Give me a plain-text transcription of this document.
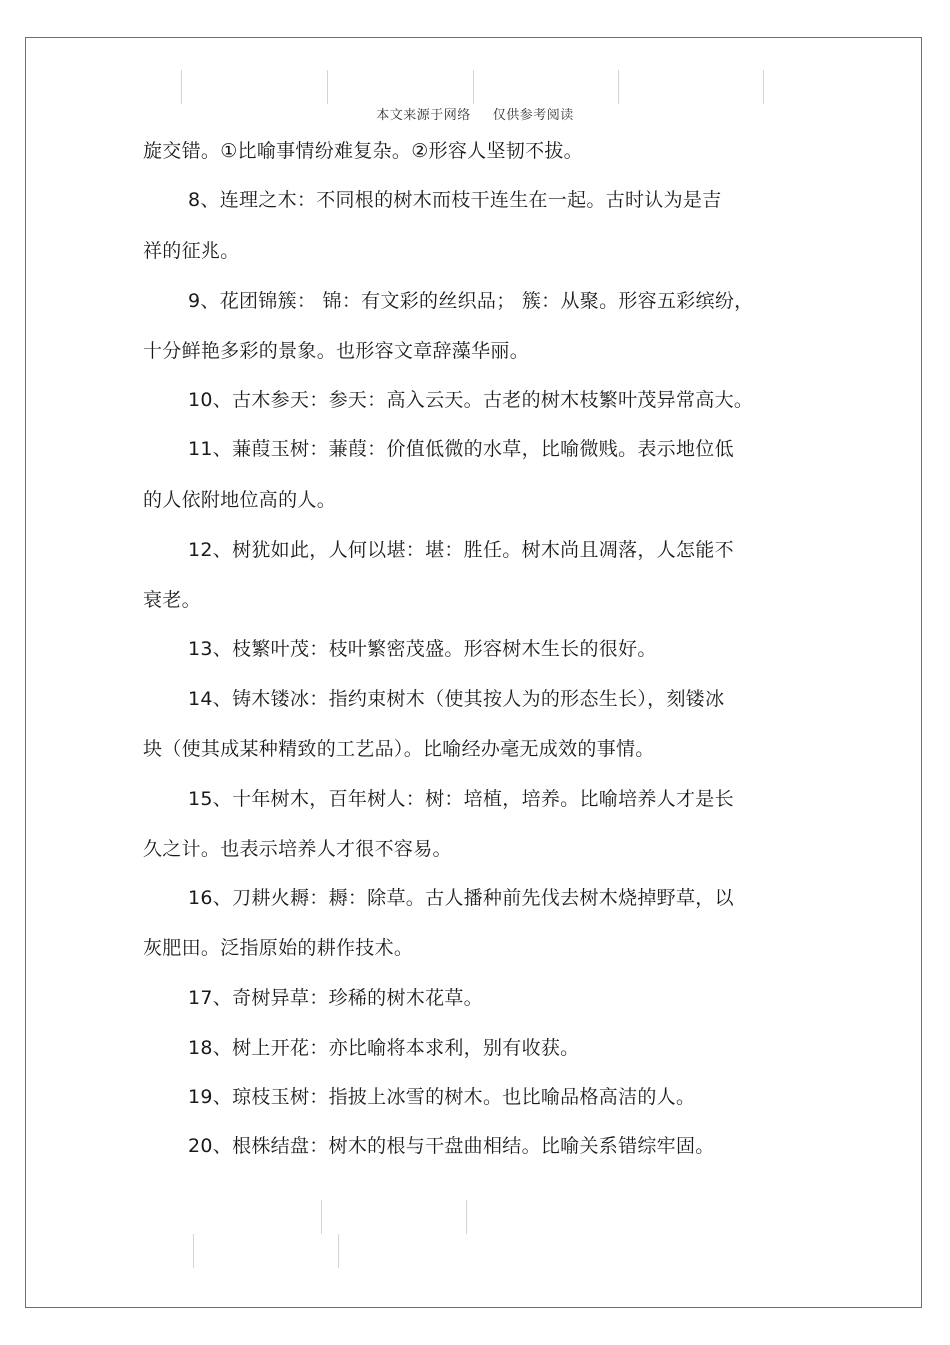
本文来源于网络 仅供参考阅读
旋交错。①比喻事情纷难复杂。②形容人坚韧不拔。
8、连理之木：不同根的树木而枝干连生在一起。古时认为是吉
祥的征兆。
9、花团锦簇： 锦：有文彩的丝织品； 簇：从聚。形容五彩缤纷，
十分鲜艳多彩的景象。也形容文章辞藻华丽。
10、古木参天：参天：高入云天。古老的树木枝繁叶茂异常高大。
11、蒹葭玉树：蒹葭：价值低微的水草，比喻微贱。表示地位低
的人依附地位高的人。
12、树犹如此，人何以堪：堪：胜任。树木尚且凋落，人怎能不
衰老。
13、枝繁叶茂：枝叶繁密茂盛。形容树木生长的很好。
14、铸木镂冰：指约束树木（使其按人为的形态生长），刻镂冰
块（使其成某种精致的工艺品）。比喻经办毫无成效的事情。
15、十年树木，百年树人：树：培植，培养。比喻培养人才是长
久之计。也表示培养人才很不容易。
16、刀耕火耨：耨：除草。古人播种前先伐去树木烧掉野草，以
灰肥田。泛指原始的耕作技术。
17、奇树异草：珍稀的树木花草。
18、树上开花：亦比喻将本求利，别有收获。
19、琼枝玉树：指披上冰雪的树木。也比喻品格高洁的人。
20、根株结盘：树木的根与干盘曲相结。比喻关系错综牢固。
